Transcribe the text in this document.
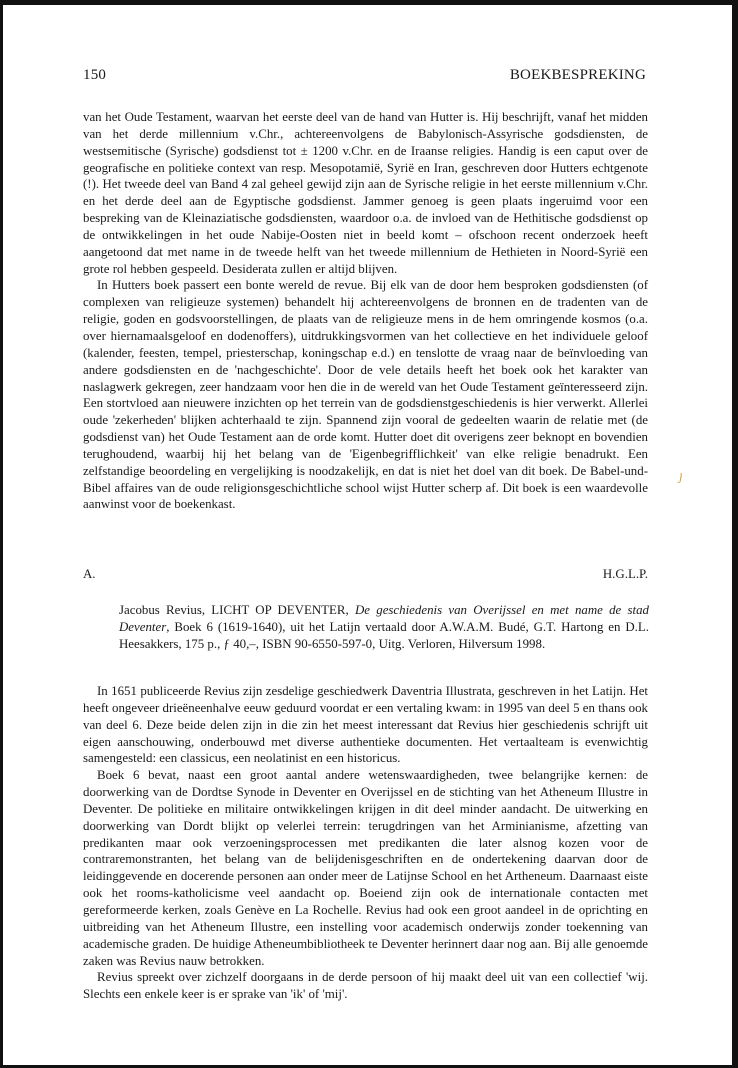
150	BOEKBESPREKING

van het Oude Testament, waarvan het eerste deel van de hand van Hutter is. Hij beschrijft, vanaf het midden van het derde millennium v.Chr., achtereenvolgens de Babylonisch-Assyrische godsdiensten, de westsemitische (Syrische) godsdienst tot ± 1200 v.Chr. en de Iraanse religies. Handig is een caput over de geografische en politieke context van resp. Mesopotamië, Syrië en Iran, geschreven door Hutters echtgenote (!). Het tweede deel van Band 4 zal geheel gewijd zijn aan de Syrische religie in het eerste millennium v.Chr. en het derde deel aan de Egyptische godsdienst. Jammer genoeg is geen plaats ingeruimd voor een bespreking van de Kleinaziatische godsdiensten, waardoor o.a. de invloed van de Hethitische godsdienst op de ontwikkelingen in het oude Nabije-Oosten niet in beeld komt – ofschoon recent onderzoek heeft aangetoond dat met name in de tweede helft van het tweede millennium de Hethieten in Noord-Syrië een grote rol hebben gespeeld. Desiderata zullen er altijd blijven.

In Hutters boek passert een bonte wereld de revue. Bij elk van de door hem besproken godsdiensten (of complexen van religieuze systemen) behandelt hij achtereenvolgens de bronnen en de tradenten van de religie, goden en godsvoorstellingen, de plaats van de religieuze mens in de hem omringende kosmos (o.a. over hiernamaalsgeloof en dodenoffers), uitdrukkingsvormen van het collectieve en het individuele geloof (kalender, feesten, tempel, priesterschap, koningschap e.d.) en tenslotte de vraag naar de beïnvloeding van andere godsdiensten en de 'nachgeschichte'. Door de vele details heeft het boek ook het karakter van naslagwerk gekregen, zeer handzaam voor hen die in de wereld van het Oude Testament geïnteresseerd zijn. Een stortvloed aan nieuwere inzichten op het terrein van de godsdienstgeschiedenis is hier verwerkt. Allerlei oude 'zekerheden' blijken achterhaald te zijn. Spannend zijn vooral de gedeelten waarin de relatie met (de godsdienst van) het Oude Testament aan de orde komt. Hutter doet dit overigens zeer beknopt en bovendien terughoudend, waarbij hij het belang van de 'Eigenbegrifflichkeit' van elke religie benadrukt. Een zelfstandige beoordeling en vergelijking is noodzakelijk, en dat is niet het doel van dit boek. De Babel-und-Bibel affaires van de oude religionsgeschichtliche school wijst Hutter scherp af. Dit boek is een waardevolle aanwinst voor de boekenkast.

A.	H.G.L.P.
Jacobus Revius, LICHT OP DEVENTER, De geschiedenis van Overijssel en met name de stad Deventer, Boek 6 (1619-1640), uit het Latijn vertaald door A.W.A.M. Budé, G.T. Hartong en D.L. Heesakkers, 175 p., ƒ 40,–, ISBN 90-6550-597-0, Uitg. Verloren, Hilversum 1998.

In 1651 publiceerde Revius zijn zesdelige geschiedwerk Daventria Illustrata, geschreven in het Latijn. Het heeft ongeveer drieëneenhalve eeuw geduurd voordat er een vertaling kwam: in 1995 van deel 5 en thans ook van deel 6. Deze beide delen zijn in die zin het meest interessant dat Revius hier geschiedenis schrijft uit eigen aanschouwing, onderbouwd met diverse authentieke documenten. Het vertaalteam is evenwichtig samengesteld: een classicus, een neolatinist en een historicus.

Boek 6 bevat, naast een groot aantal andere wetenswaardigheden, twee belangrijke kernen: de doorwerking van de Dordtse Synode in Deventer en Overijssel en de stichting van het Atheneum Illustre in Deventer. De politieke en militaire ontwikkelingen krijgen in dit deel minder aandacht. De uitwerking en doorwerking van Dordt blijkt op velerlei terrein: terugdringen van het Arminianisme, afzetting van predikanten maar ook verzoeningsprocessen met predikanten die later alsnog kozen voor de contraremonstranten, het belang van de belijdenisgeschriften en de ondertekening daarvan door de leidinggevende en docerende personen aan onder meer de Latijnse School en het Artheneum. Daarnaast eiste ook het rooms-katholicisme veel aandacht op. Boeiend zijn ook de internationale contacten met gereformeerde kerken, zoals Genève en La Rochelle. Revius had ook een groot aandeel in de oprichting en uitbreiding van het Atheneum Illustre, een instelling voor academisch onderwijs zonder toekenning van academische graden. De huidige Atheneumbibliotheek te Deventer herinnert daar nog aan. Bij alle genoemde zaken was Revius nauw betrokken.

Revius spreekt over zichzelf doorgaans in de derde persoon of hij maakt deel uit van een collectief 'wij. Slechts een enkele keer is er sprake van 'ik' of 'mij'.

ȷ
